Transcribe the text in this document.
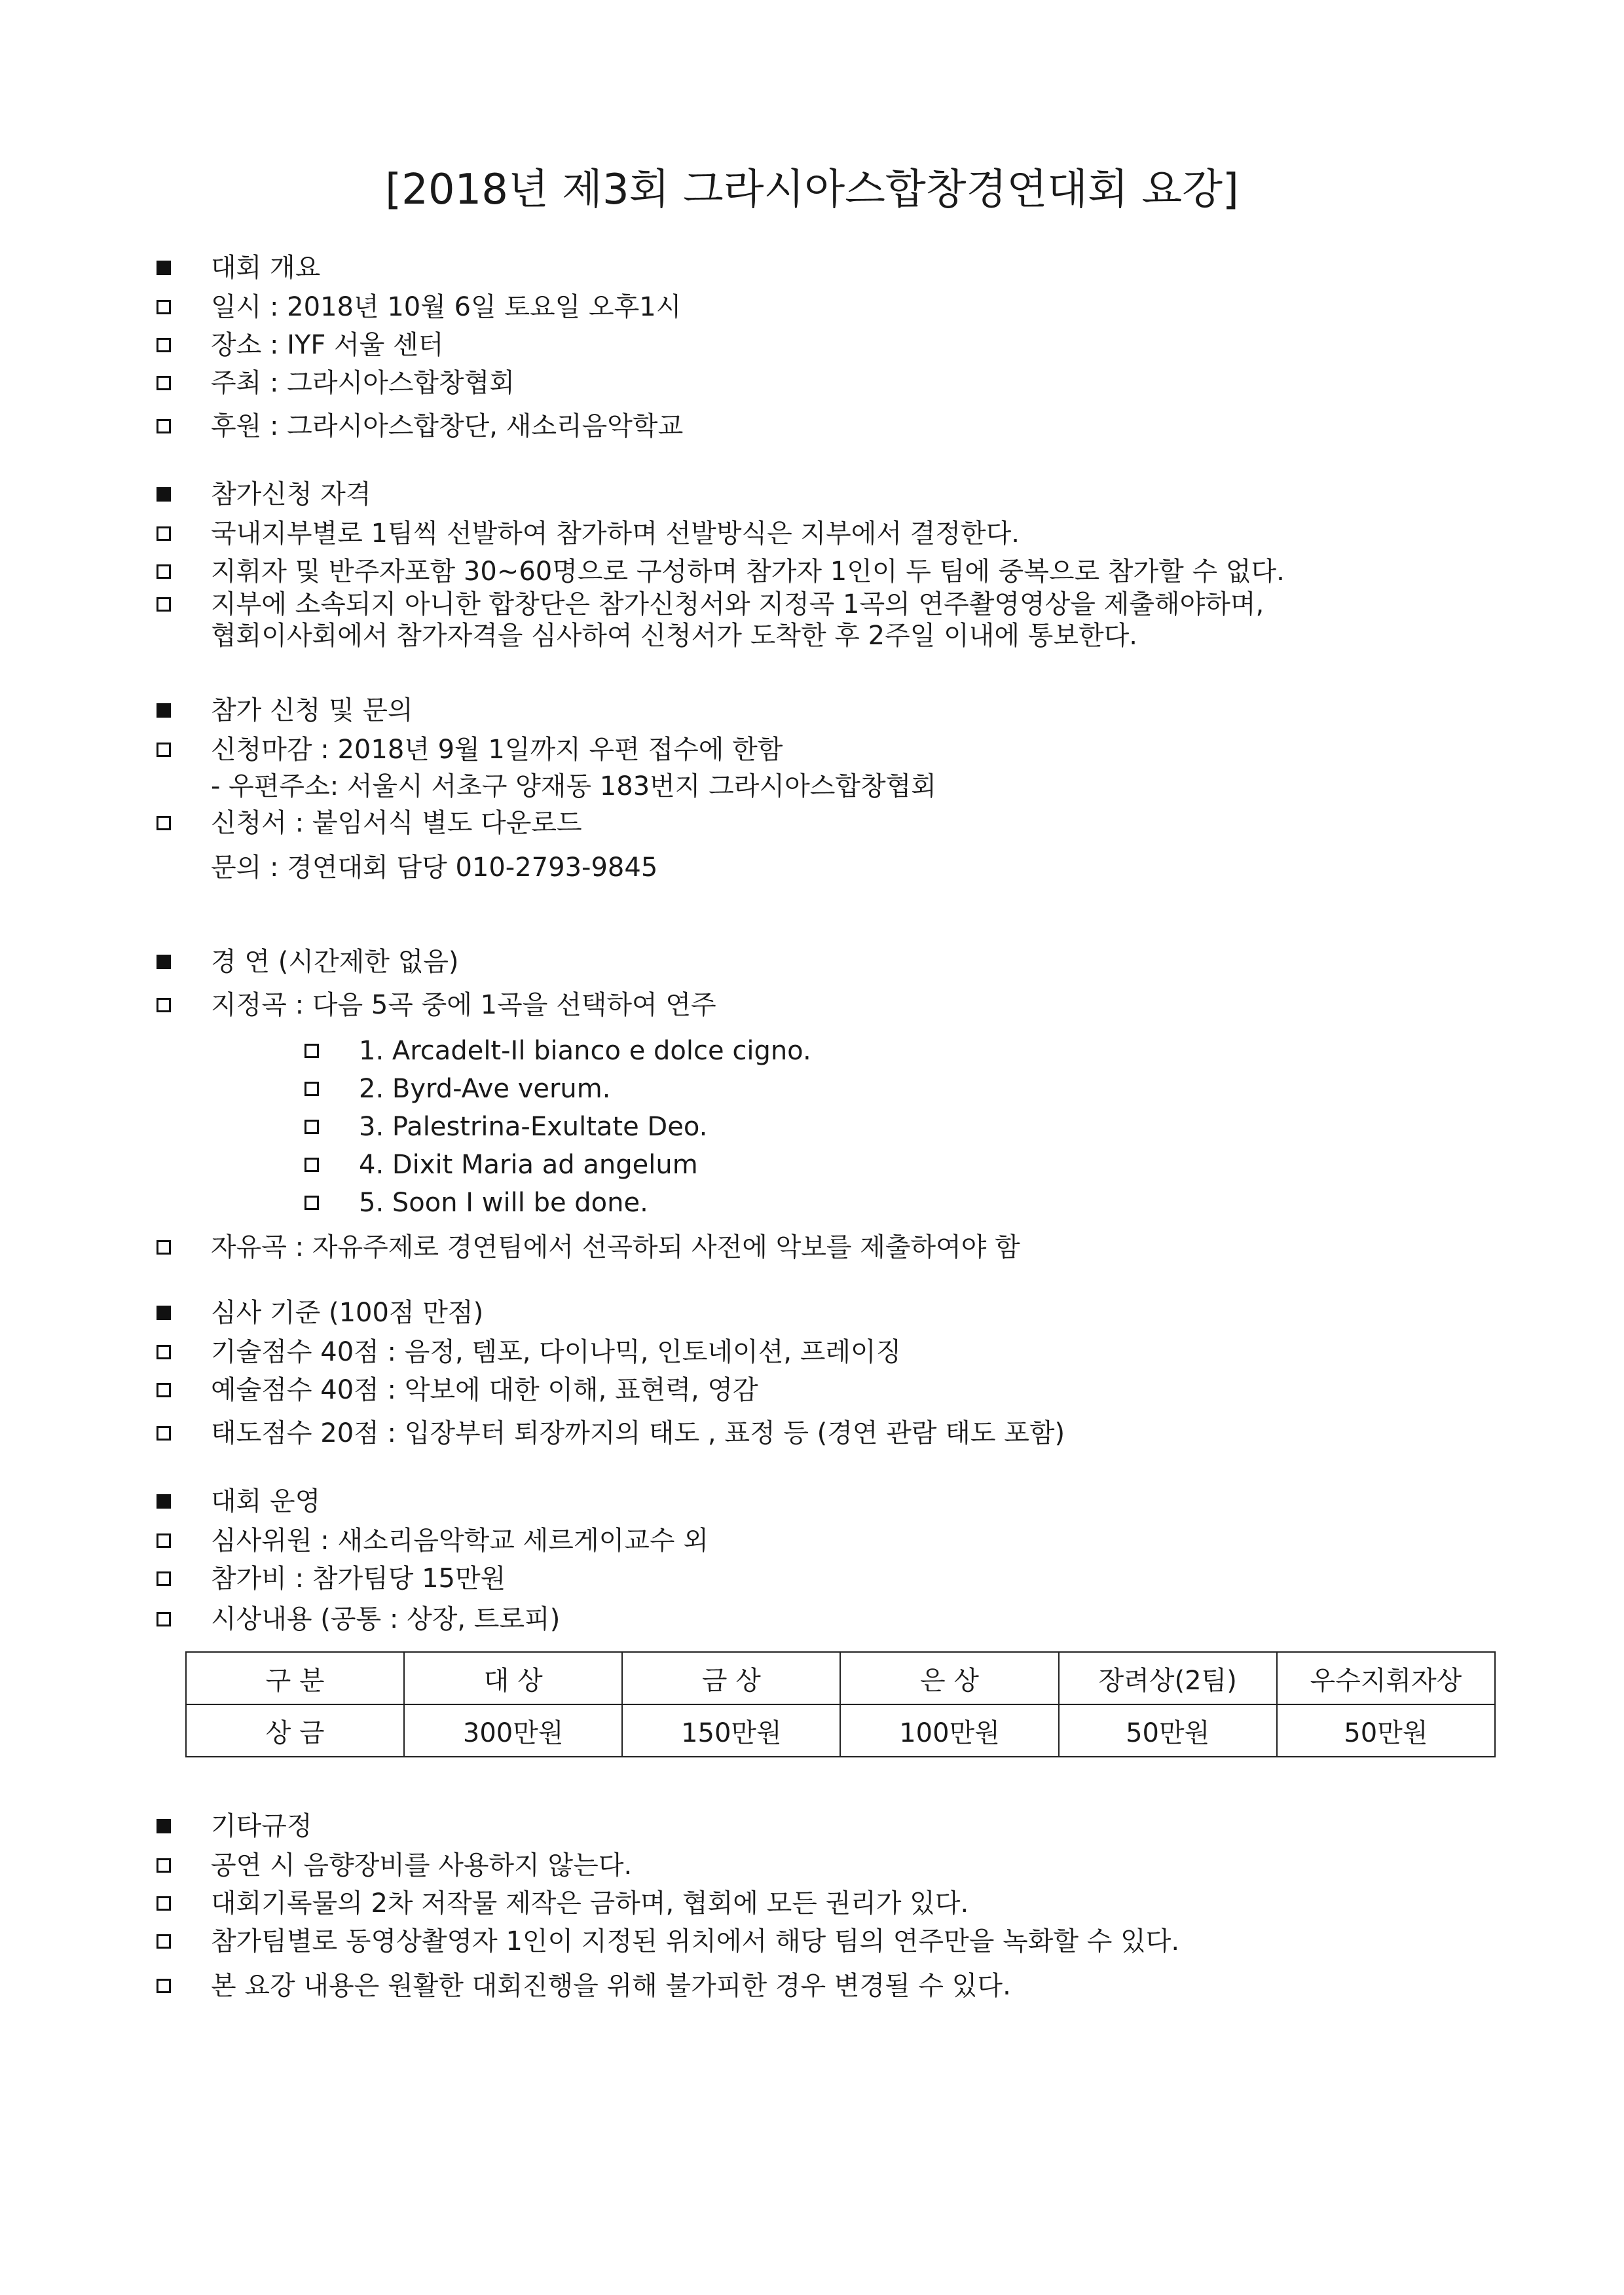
[2018년 제3회 그라시아스합창경연대회 요강]
대회 개요
일시 : 2018년 10월 6일 토요일 오후1시
장소 : IYF 서울 센터
주최 : 그라시아스합창협회
후원 : 그라시아스합창단, 새소리음악학교
참가신청 자격
국내지부별로 1팀씩 선발하여 참가하며 선발방식은 지부에서 결정한다.
지휘자 및 반주자포함 30~60명으로 구성하며 참가자 1인이 두 팀에 중복으로 참가할 수 없다.
지부에 소속되지 아니한 합창단은 참가신청서와 지정곡 1곡의 연주촬영영상을 제출해야하며,
협회이사회에서 참가자격을 심사하여 신청서가 도착한 후 2주일 이내에 통보한다.
참가 신청 및 문의
신청마감 : 2018년 9월 1일까지 우편 접수에 한함
- 우편주소: 서울시 서초구 양재동 183번지 그라시아스합창협회
신청서 : 붙임서식 별도 다운로드
문의 : 경연대회 담당 010-2793-9845
경 연 (시간제한 없음)
지정곡 : 다음 5곡 중에 1곡을 선택하여 연주
1. Arcadelt-Il bianco e dolce cigno.
2. Byrd-Ave verum.
3. Palestrina-Exultate Deo.
4. Dixit Maria ad angelum
5. Soon I will be done.
자유곡 : 자유주제로 경연팀에서 선곡하되 사전에 악보를 제출하여야 함
심사 기준 (100점 만점)
기술점수 40점 : 음정, 템포, 다이나믹, 인토네이션, 프레이징
예술점수 40점 : 악보에 대한 이해, 표현력, 영감
태도점수 20점 : 입장부터 퇴장까지의 태도 , 표정 등 (경연 관람 태도 포함)
대회 운영
심사위원 : 새소리음악학교 세르게이교수 외
참가비 : 참가팀당 15만원
시상내용 (공통 : 상장, 트로피)
구 분	대 상	금 상	은 상	장려상(2팀)	우수지휘자상
상 금	300만원	150만원	100만원	50만원	50만원
기타규정
공연 시 음향장비를 사용하지 않는다.
대회기록물의 2차 저작물 제작은 금하며, 협회에 모든 권리가 있다.
참가팀별로 동영상촬영자 1인이 지정된 위치에서 해당 팀의 연주만을 녹화할 수 있다.
본 요강 내용은 원활한 대회진행을 위해 불가피한 경우 변경될 수 있다.
